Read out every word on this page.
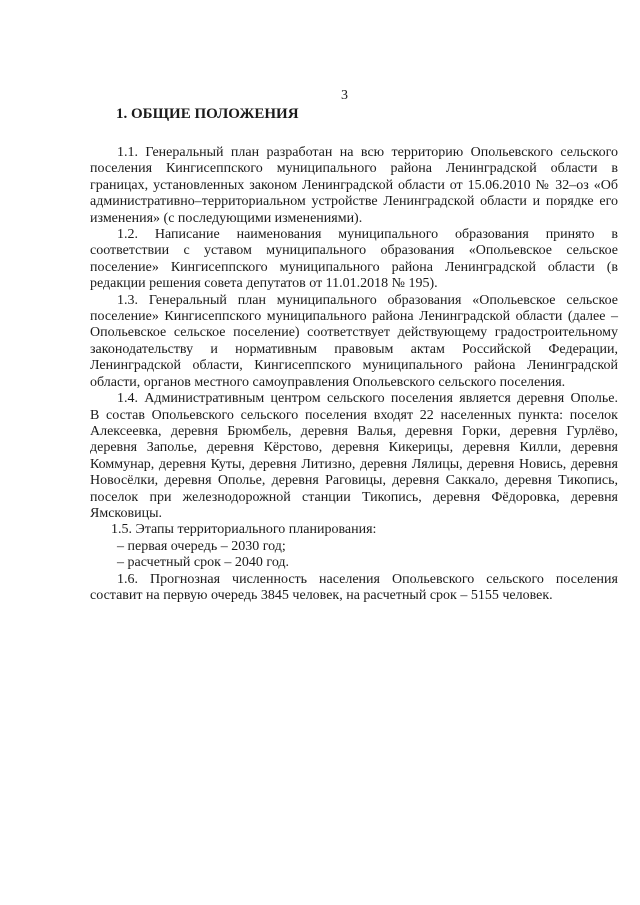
3
1. ОБЩИЕ ПОЛОЖЕНИЯ
1.1. Генеральный план разработан на всю территорию Опольевского сельского
поселения Кингисеппского муниципального района Ленинградской области в
границах, установленных законом Ленинградской области от 15.06.2010 № 32–оз «Об
административно–территориальном устройстве Ленинградской области и порядке его
изменения» (с последующими изменениями).
1.2. Написание наименования муниципального образования принято в
соответствии с уставом муниципального образования «Опольевское сельское
поселение» Кингисеппского муниципального района Ленинградской области (в
редакции решения совета депутатов от 11.01.2018 № 195).
1.3. Генеральный план муниципального образования «Опольевское сельское
поселение» Кингисеппского муниципального района Ленинградской области (далее –
Опольевское сельское поселение) соответствует действующему градостроительному
законодательству и нормативным правовым актам Российской Федерации,
Ленинградской области, Кингисеппского муниципального района Ленинградской
области, органов местного самоуправления Опольевского сельского поселения.
1.4. Административным центром сельского поселения является деревня Ополье.
В состав Опольевского сельского поселения входят 22 населенных пункта: поселок
Алексеевка, деревня Брюмбель, деревня Валья, деревня Горки, деревня Гурлёво,
деревня Заполье, деревня Кёрстово, деревня Кикерицы, деревня Килли, деревня
Коммунар, деревня Куты, деревня Литизно, деревня Лялицы, деревня Новись, деревня
Новосёлки, деревня Ополье, деревня Раговицы, деревня Саккало, деревня Тикопись,
поселок при железнодорожной станции Тикопись, деревня Фёдоровка, деревня
Ямсковицы.
1.5. Этапы территориального планирования:
– первая очередь – 2030 год;
– расчетный срок – 2040 год.
1.6. Прогнозная численность населения Опольевского сельского поселения
составит на первую очередь 3845 человек, на расчетный срок – 5155 человек.
